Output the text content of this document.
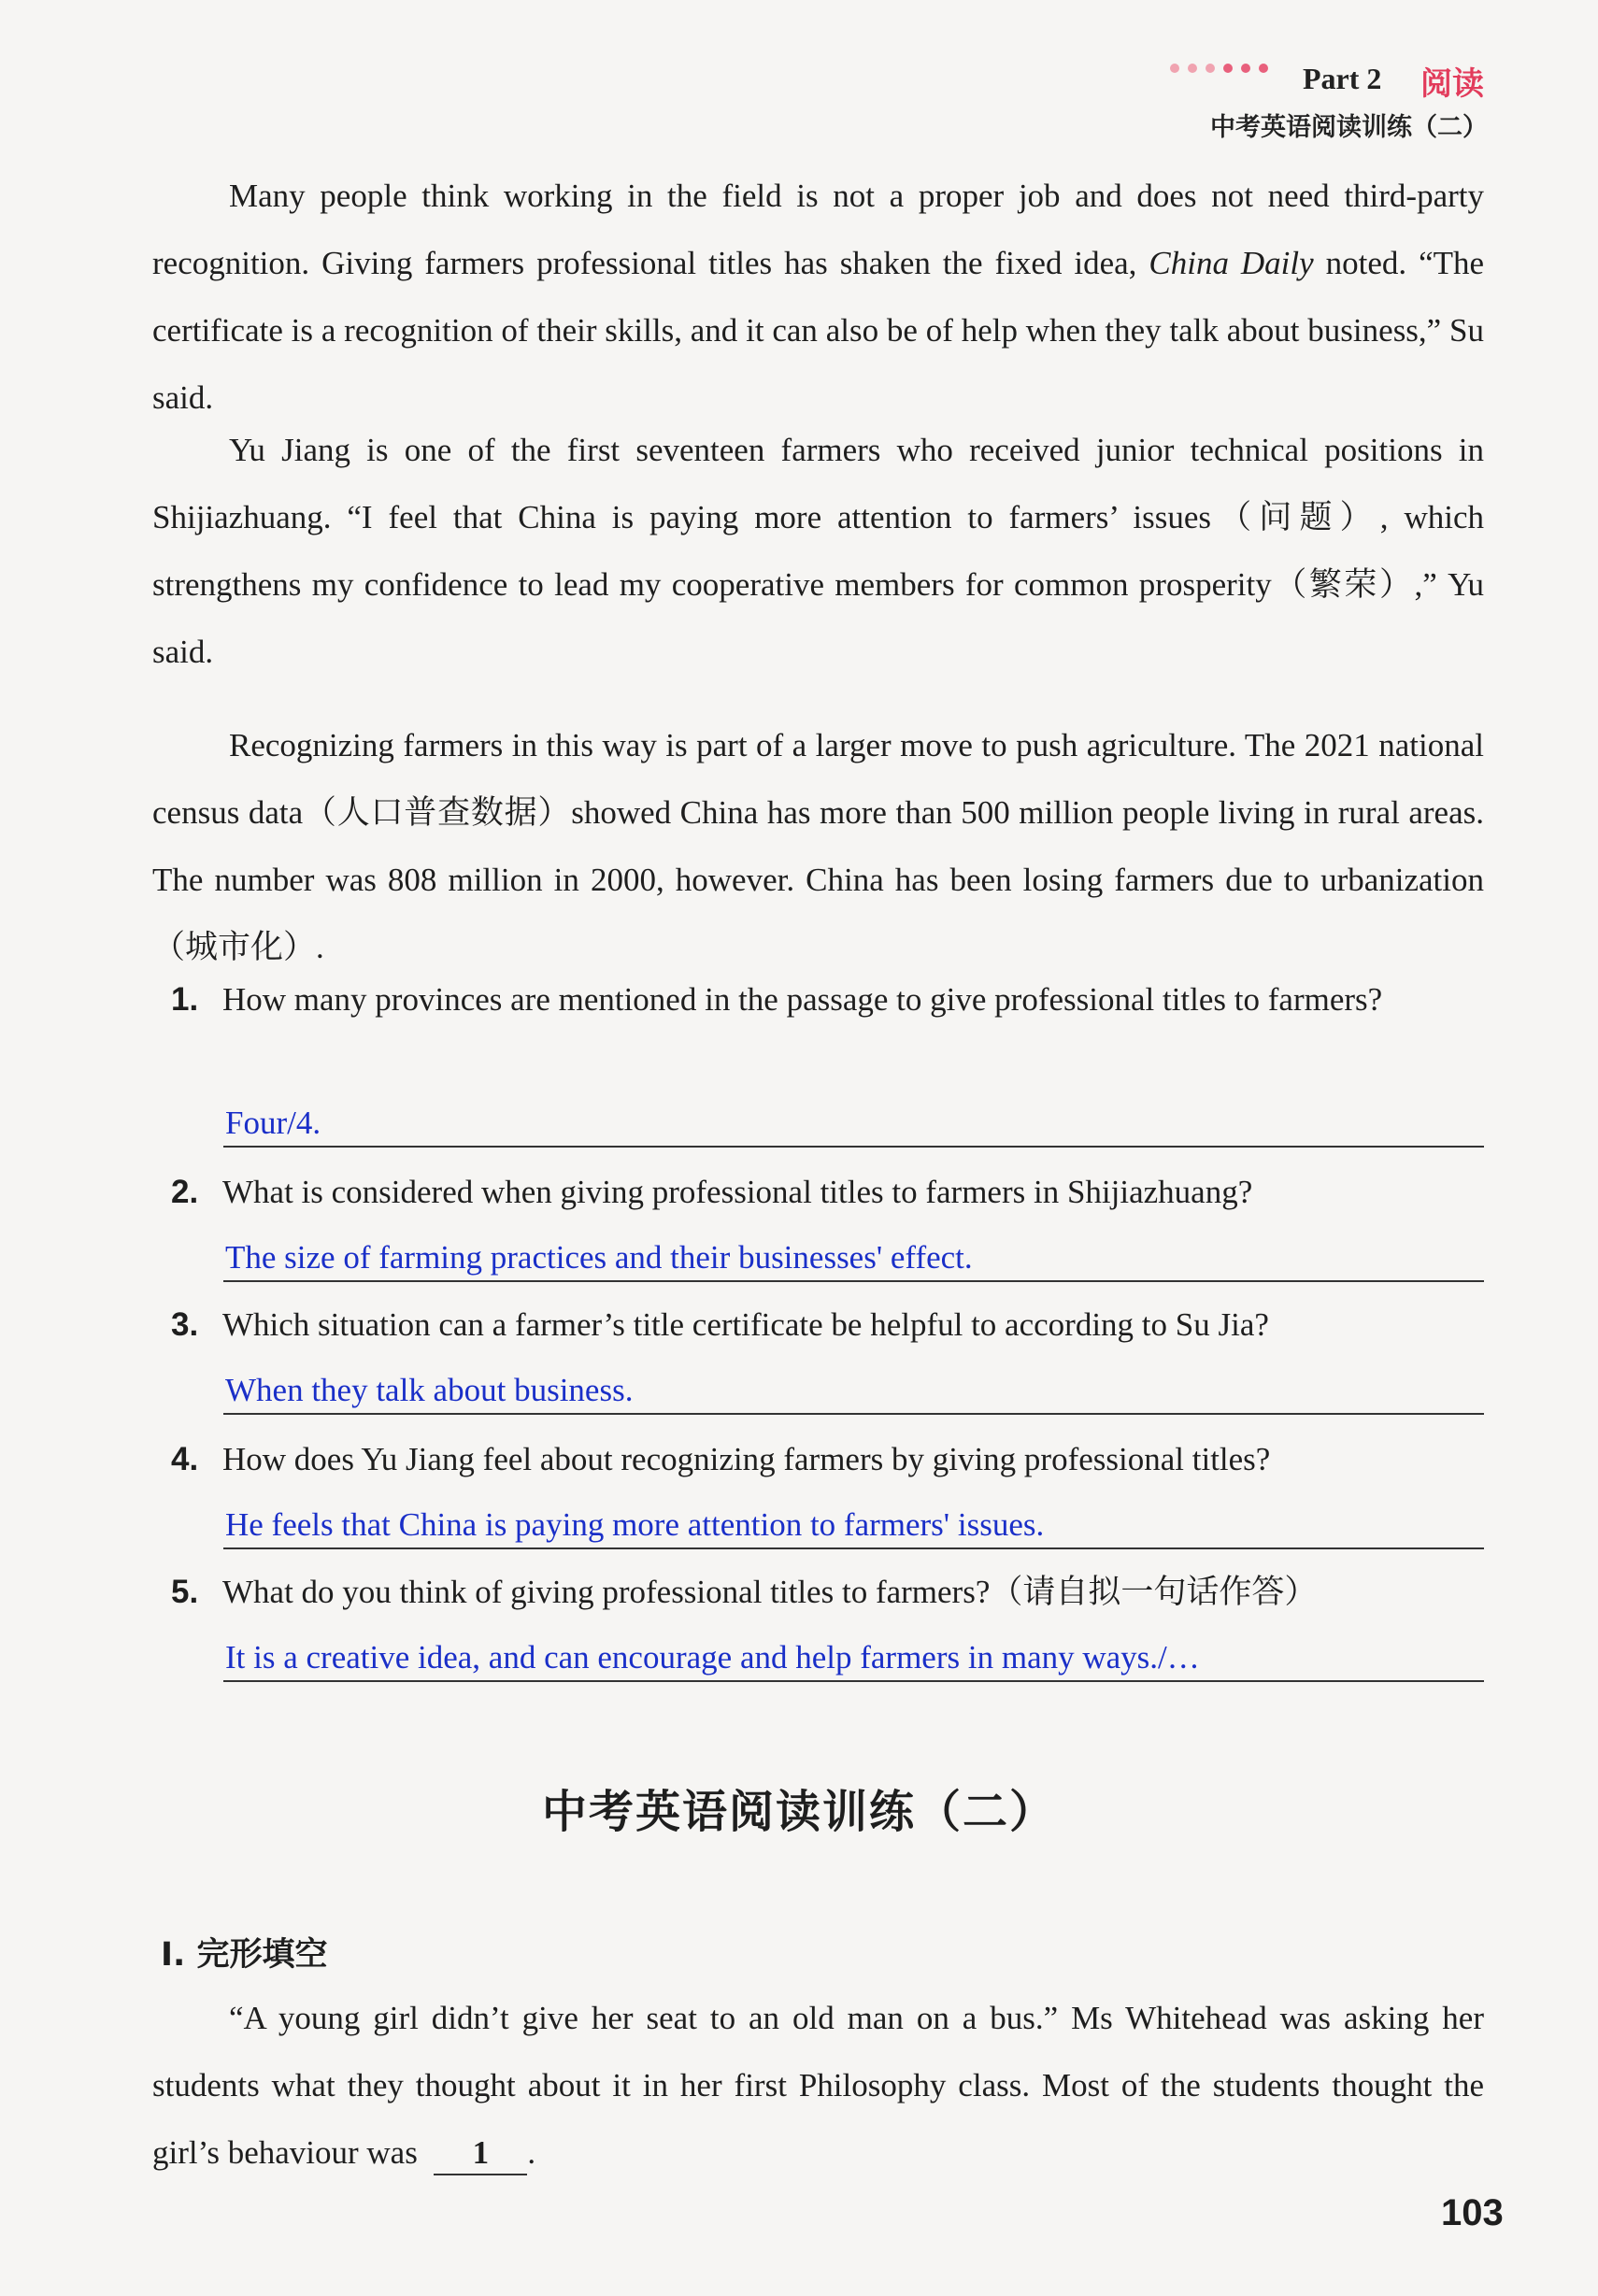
Part 2 阅读
中考英语阅读训练（二）

Many people think working in the field is not a proper job and does not need third-party recognition. Giving farmers professional titles has shaken the fixed idea, China Daily noted. “The certificate is a recognition of their skills, and it can also be of help when they talk about business,” Su said.

Yu Jiang is one of the first seventeen farmers who received junior technical positions in Shijiazhuang. “I feel that China is paying more attention to farmers’ issues（问题）, which strengthens my confidence to lead my cooperative members for common prosperity（繁荣）,” Yu said.

Recognizing farmers in this way is part of a larger move to push agriculture. The 2021 national census data（人口普查数据）showed China has more than 500 million people living in rural areas. The number was 808 million in 2000, however. China has been losing farmers due to urbanization（城市化）.

1. How many provinces are mentioned in the passage to give professional titles to farmers?

Four/4.
2. What is considered when giving professional titles to farmers in Shijiazhuang?

The size of farming practices and their businesses' effect.
3. Which situation can a farmer’s title certificate be helpful to according to Su Jia?

When they talk about business.
4. How does Yu Jiang feel about recognizing farmers by giving professional titles?

He feels that China is paying more attention to farmers' issues.
5. What do you think of giving professional titles to farmers?（请自拟一句话作答）

It is a creative idea, and can encourage and help farmers in many ways./…
中考英语阅读训练（二）
Ⅰ. 完形填空

“A young girl didn’t give her seat to an old man on a bus.” Ms Whitehead was asking her students what they thought about it in her first Philosophy class. Most of the students thought the girl’s behaviour was 1 .

103
